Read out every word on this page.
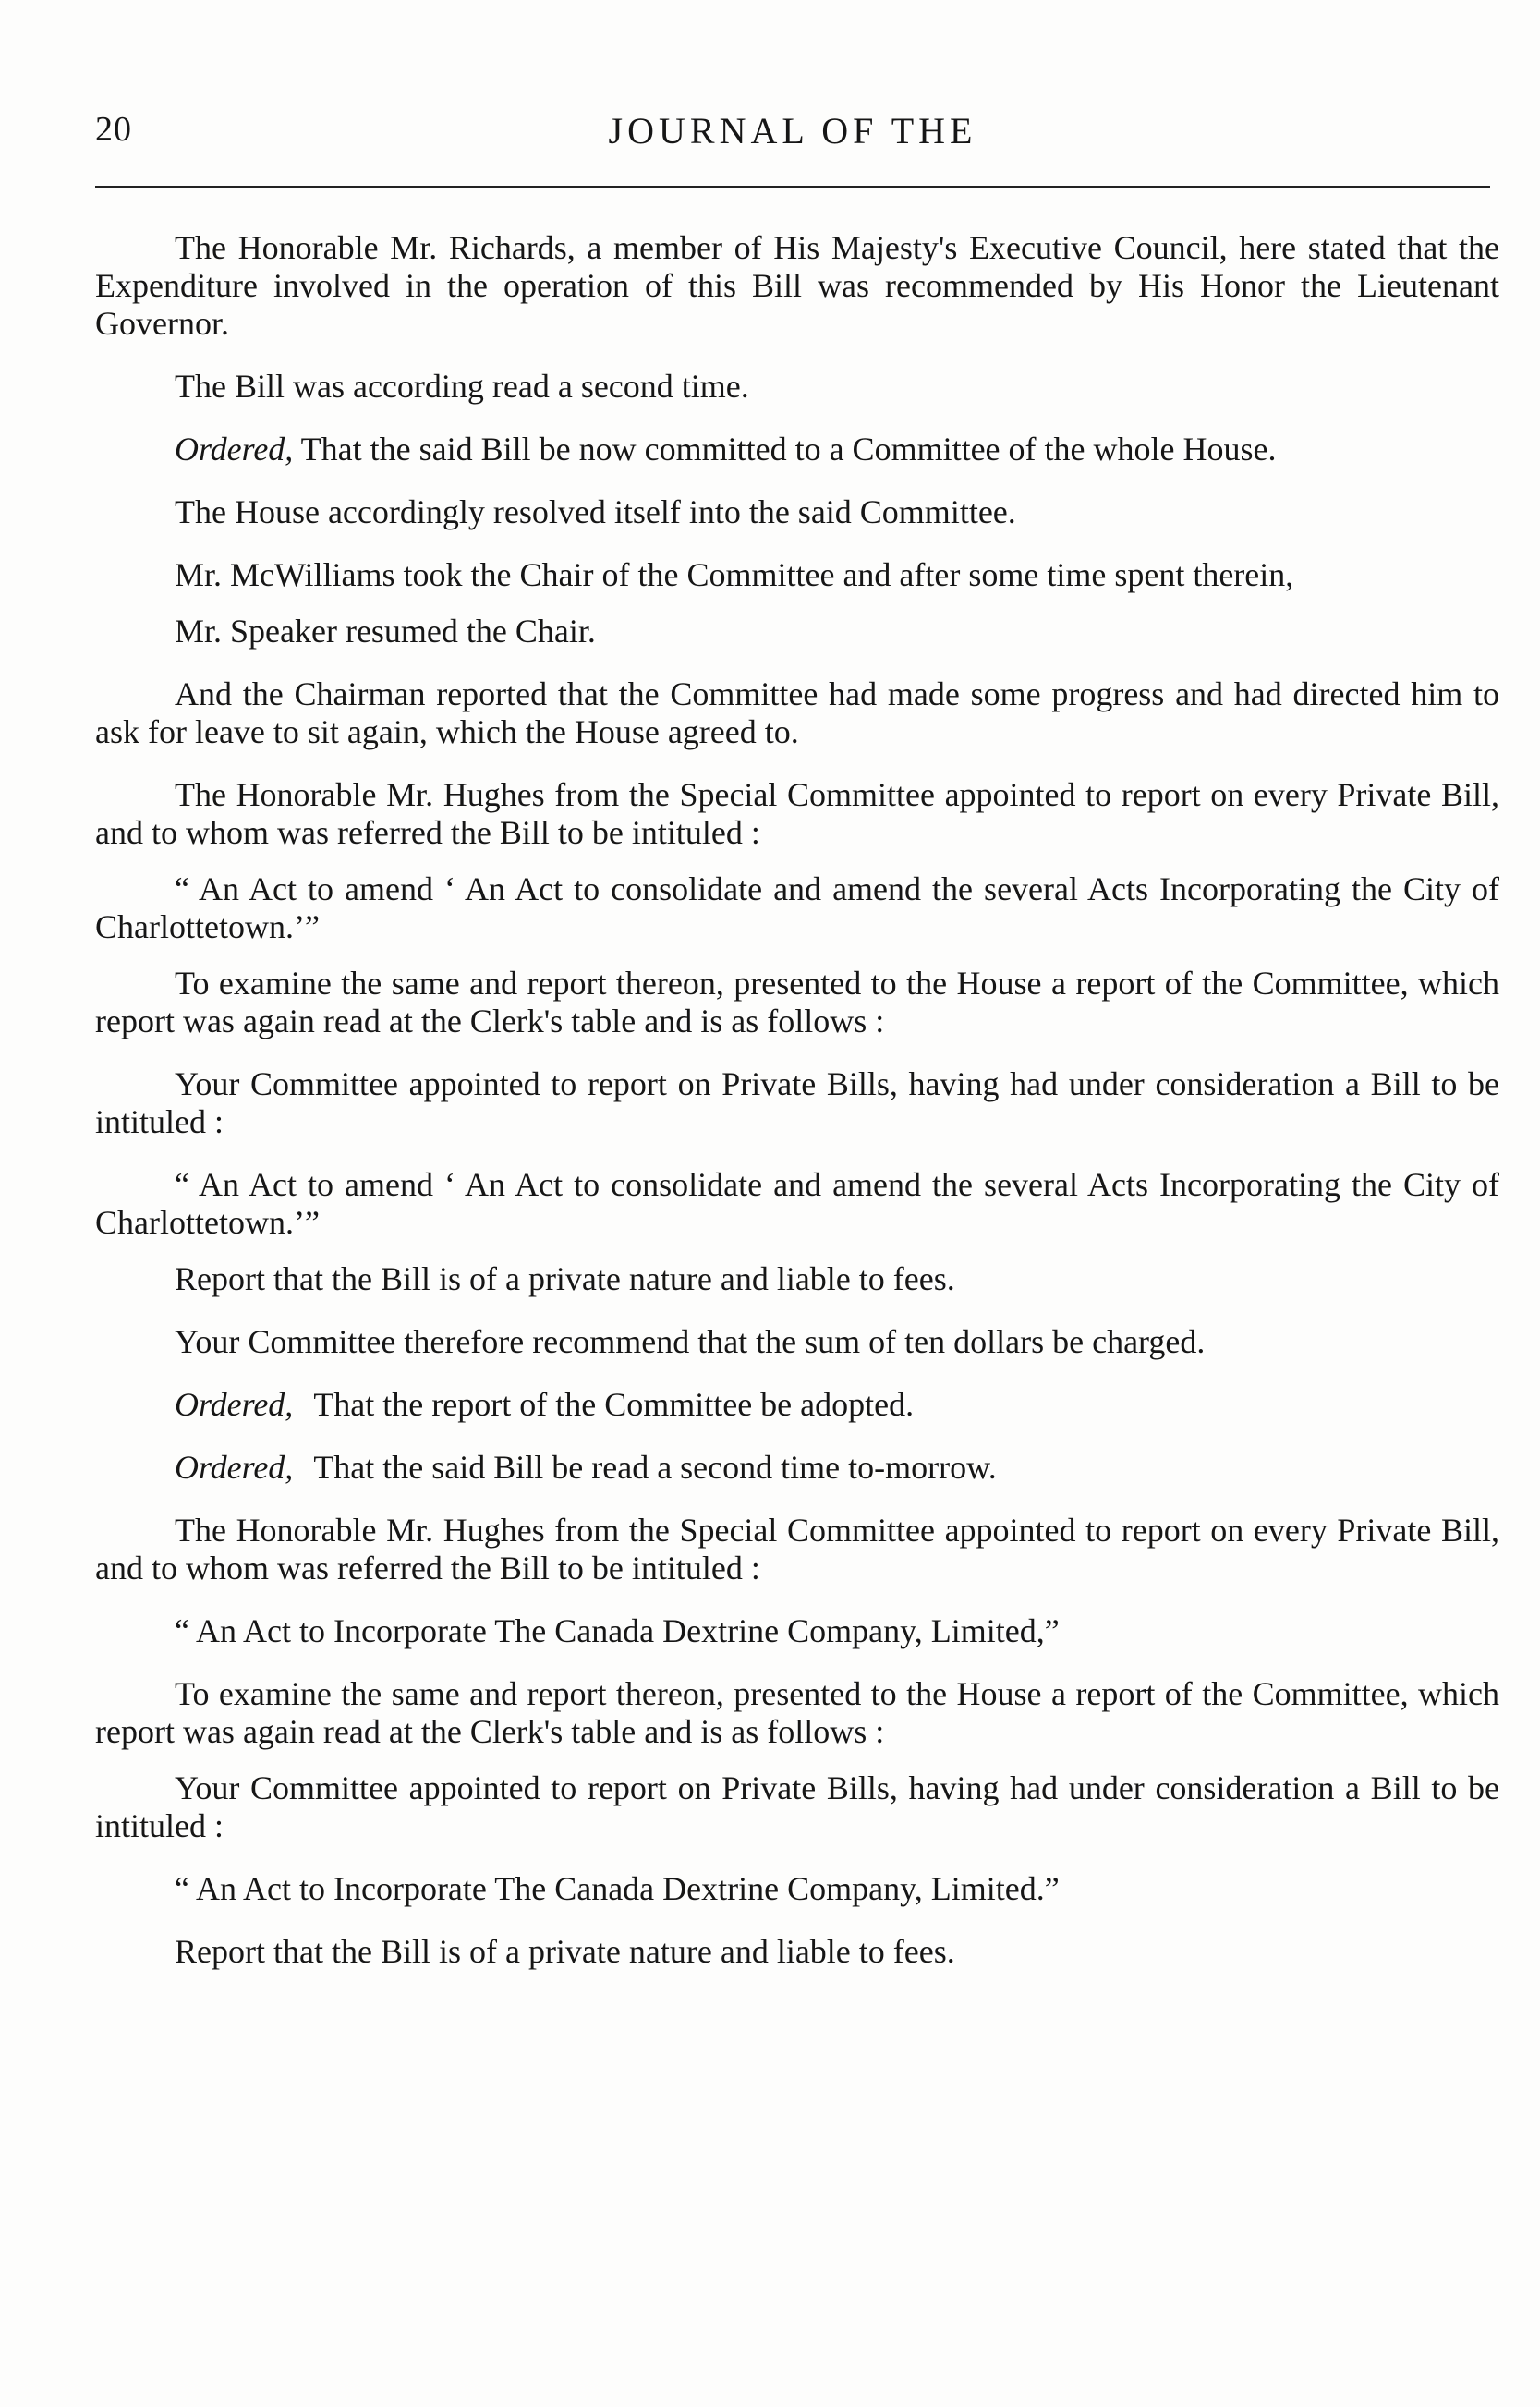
20	JOURNAL OF THE

The Honorable Mr. Richards, a member of His Majesty's Executive Council, here stated that the Expenditure involved in the operation of this Bill was recommended by His Honor the Lieutenant Governor.

The Bill was according read a second time.

Ordered, That the said Bill be now committed to a Committee of the whole House.

The House accordingly resolved itself into the said Committee.

Mr. McWilliams took the Chair of the Committee and after some time spent therein,

Mr. Speaker resumed the Chair.

And the Chairman reported that the Committee had made some progress and had directed him to ask for leave to sit again, which the House agreed to.

The Honorable Mr. Hughes from the Special Committee appointed to report on every Private Bill, and to whom was referred the Bill to be intituled :

“ An Act to amend ‘ An Act to consolidate and amend the several Acts Incorporating the City of Charlottetown.’”

To examine the same and report thereon, presented to the House a report of the Committee, which report was again read at the Clerk's table and is as follows :

Your Committee appointed to report on Private Bills, having had under consideration a Bill to be intituled :

“ An Act to amend ‘ An Act to consolidate and amend the several Acts Incorporating the City of Charlottetown.’”

Report that the Bill is of a private nature and liable to fees.

Your Committee therefore recommend that the sum of ten dollars be charged.

Ordered, That the report of the Committee be adopted.

Ordered, That the said Bill be read a second time to-morrow.

The Honorable Mr. Hughes from the Special Committee appointed to report on every Private Bill, and to whom was referred the Bill to be intituled :

“ An Act to Incorporate The Canada Dextrine Company, Limited,”

To examine the same and report thereon, presented to the House a report of the Committee, which report was again read at the Clerk's table and is as follows :

Your Committee appointed to report on Private Bills, having had under consideration a Bill to be intituled :

“ An Act to Incorporate The Canada Dextrine Company, Limited.”

Report that the Bill is of a private nature and liable to fees.
